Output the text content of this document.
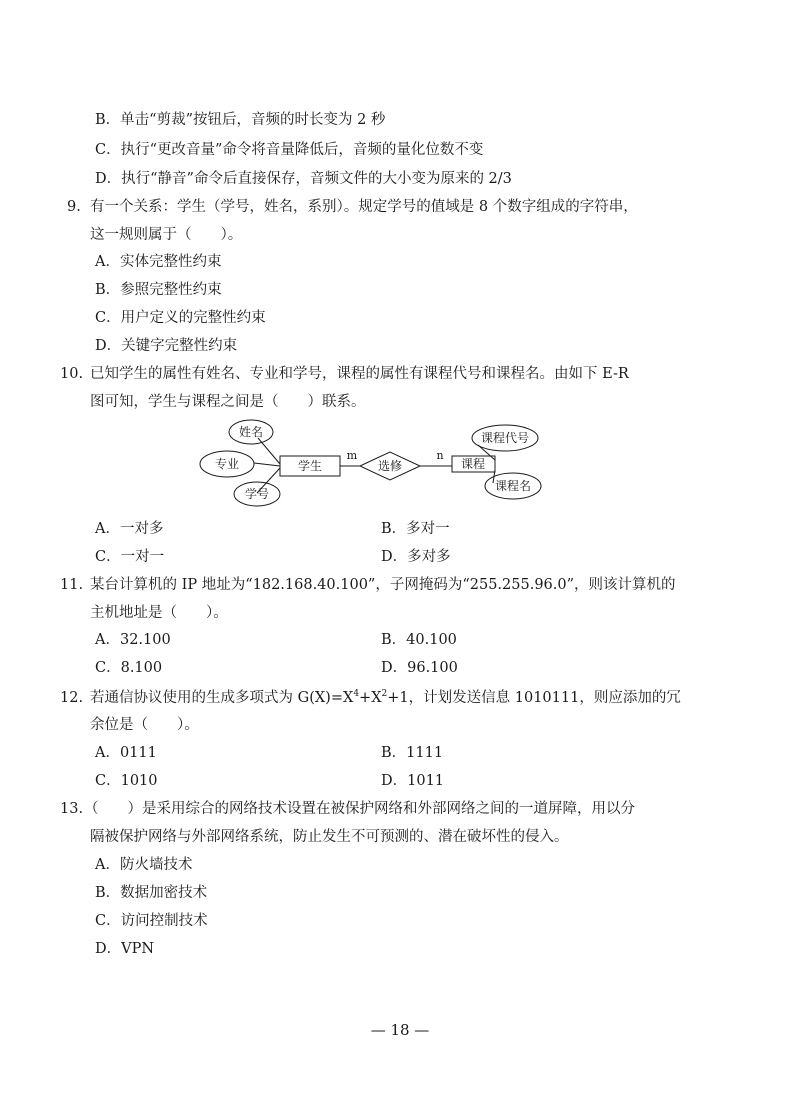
B．单击“剪裁”按钮后，音频的时长变为 2 秒
C．执行“更改音量”命令将音量降低后，音频的量化位数不变
D．执行“静音”命令后直接保存，音频文件的大小变为原来的 2/3
9. 有一个关系：学生（学号，姓名，系别）。规定学号的值域是 8 个数字组成的字符串，
这一规则属于（　　）。
A．实体完整性约束
B．参照完整性约束
C．用户定义的完整性约束
D．关键字完整性约束
10. 已知学生的属性有姓名、专业和学号，课程的属性有课程代号和课程名。由如下 E-R
图可知，学生与课程之间是（　　）联系。
姓名
专业
学号
学生
m
选修
n
课程
课程代号
课程名
A．一对多	B．多对一
C．一对一	D．多对多
11. 某台计算机的 IP 地址为“182.168.40.100”，子网掩码为“255.255.96.0”，则该计算机的
主机地址是（　　）。
A．32.100	B．40.100
C．8.100	D．96.100
12. 若通信协议使用的生成多项式为 $G(X)=X^4+X^2+1$，计划发送信息 1010111，则应添加的冗
余位是（　　）。
A．0111	B．1111
C．1010	D．1011
13. （　　）是采用综合的网络技术设置在被保护网络和外部网络之间的一道屏障，用以分
隔被保护网络与外部网络系统，防止发生不可预测的、潜在破坏性的侵入。
A．防火墙技术
B．数据加密技术
C．访问控制技术
D．VPN
— 18 —
